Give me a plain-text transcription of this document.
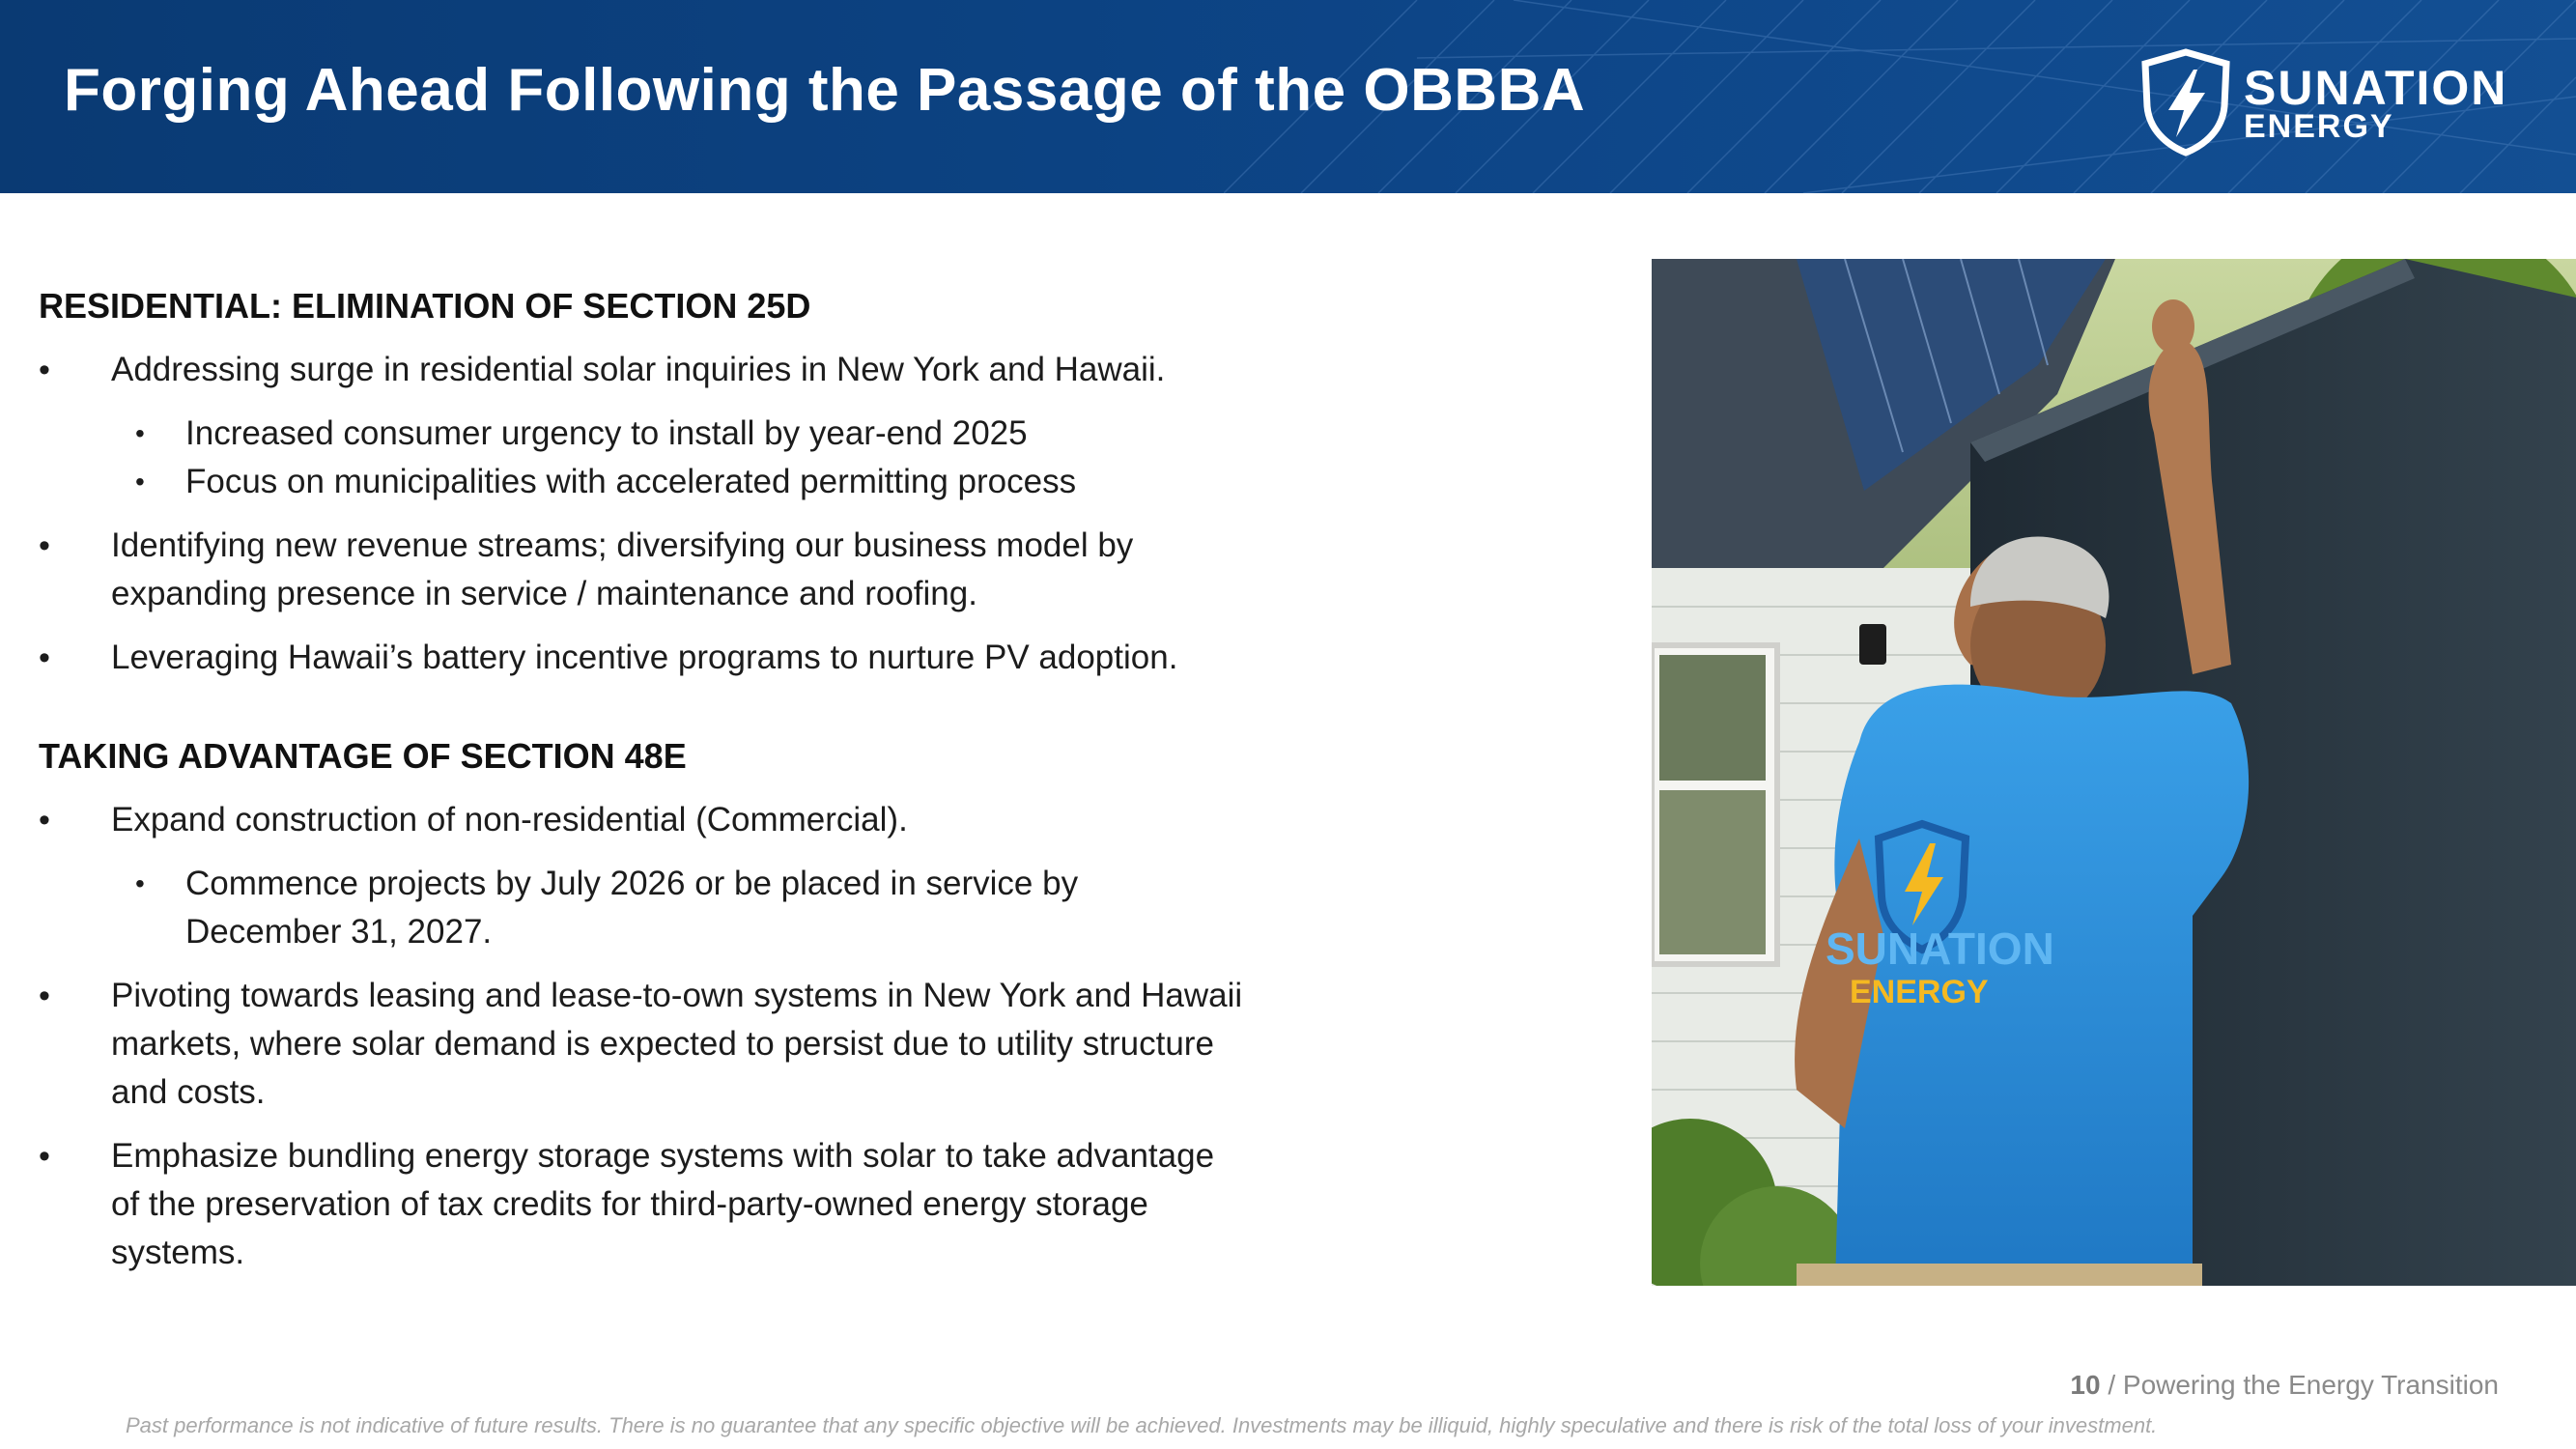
Forging Ahead Following the Passage of the OBBBA	SUNATION
ENERGY
RESIDENTIAL: ELIMINATION OF SECTION 25D
• Addressing surge in residential solar inquiries in New York and Hawaii.
• Increased consumer urgency to install by year-end 2025
• Focus on municipalities with accelerated permitting process
• Identifying new revenue streams; diversifying our business model by
expanding presence in service / maintenance and roofing.
• Leveraging Hawaii’s battery incentive programs to nurture PV adoption.
TAKING ADVANTAGE OF SECTION 48E
• Expand construction of non-residential (Commercial).
• Commence projects by July 2026 or be placed in service by
December 31, 2027.
• Pivoting towards leasing and lease-to-own systems in New York and Hawaii
markets, where solar demand is expected to persist due to utility structure
and costs.
• Emphasize bundling energy storage systems with solar to take advantage
of the preservation of tax credits for third-party-owned energy storage
systems.
SUNATION
ENERGY
10 / Powering the Energy Transition
Past performance is not indicative of future results. There is no guarantee that any specific objective will be achieved. Investments may be illiquid, highly speculative and there is risk of the total loss of your investment.
